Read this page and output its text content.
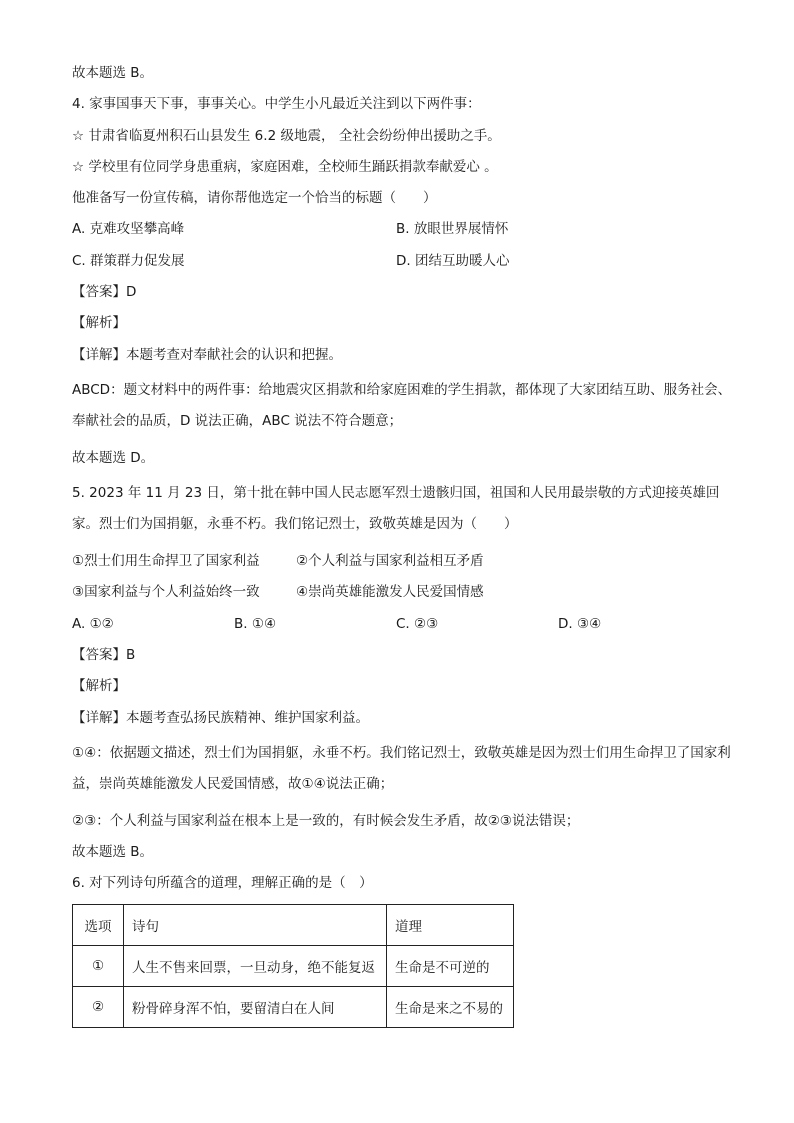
故本题选 B。
4. 家事国事天下事，事事关心。中学生小凡最近关注到以下两件事：
☆ 甘肃省临夏州积石山县发生 6.2 级地震， 全社会纷纷伸出援助之手。
☆ 学校里有位同学身患重病，家庭困难，全校师生踊跃捐款奉献爱心 。
他准备写一份宣传稿，请你帮他选定一个恰当的标题（　　）
A. 克难攻坚攀高峰	B. 放眼世界展情怀
C. 群策群力促发展	D. 团结互助暖人心
【答案】D
【解析】
【详解】本题考查对奉献社会的认识和把握。
ABCD：题文材料中的两件事：给地震灾区捐款和给家庭困难的学生捐款，都体现了大家团结互助、服务社会、奉献社会的品质，D 说法正确，ABC 说法不符合题意；
故本题选 D。
5. 2023 年 11 月 23 日，第十批在韩中国人民志愿军烈士遗骸归国，祖国和人民用最崇敬的方式迎接英雄回家。烈士们为国捐躯，永垂不朽。我们铭记烈士，致敬英雄是因为（　　）
①烈士们用生命捍卫了国家利益	②个人利益与国家利益相互矛盾
③国家利益与个人利益始终一致	④崇尚英雄能激发人民爱国情感
A. ①②	B. ①④	C. ②③	D. ③④
【答案】B
【解析】
【详解】本题考查弘扬民族精神、维护国家利益。
①④：依据题文描述，烈士们为国捐躯，永垂不朽。我们铭记烈士，致敬英雄是因为烈士们用生命捍卫了国家利益，崇尚英雄能激发人民爱国情感，故①④说法正确；
②③：个人利益与国家利益在根本上是一致的，有时候会发生矛盾，故②③说法错误；
故本题选 B。
6. 对下列诗句所蕴含的道理，理解正确的是（　）
选项	诗句	道理
①	人生不售来回票，一旦动身，绝不能复返	生命是不可逆的
②	粉骨碎身浑不怕，要留清白在人间	生命是来之不易的
